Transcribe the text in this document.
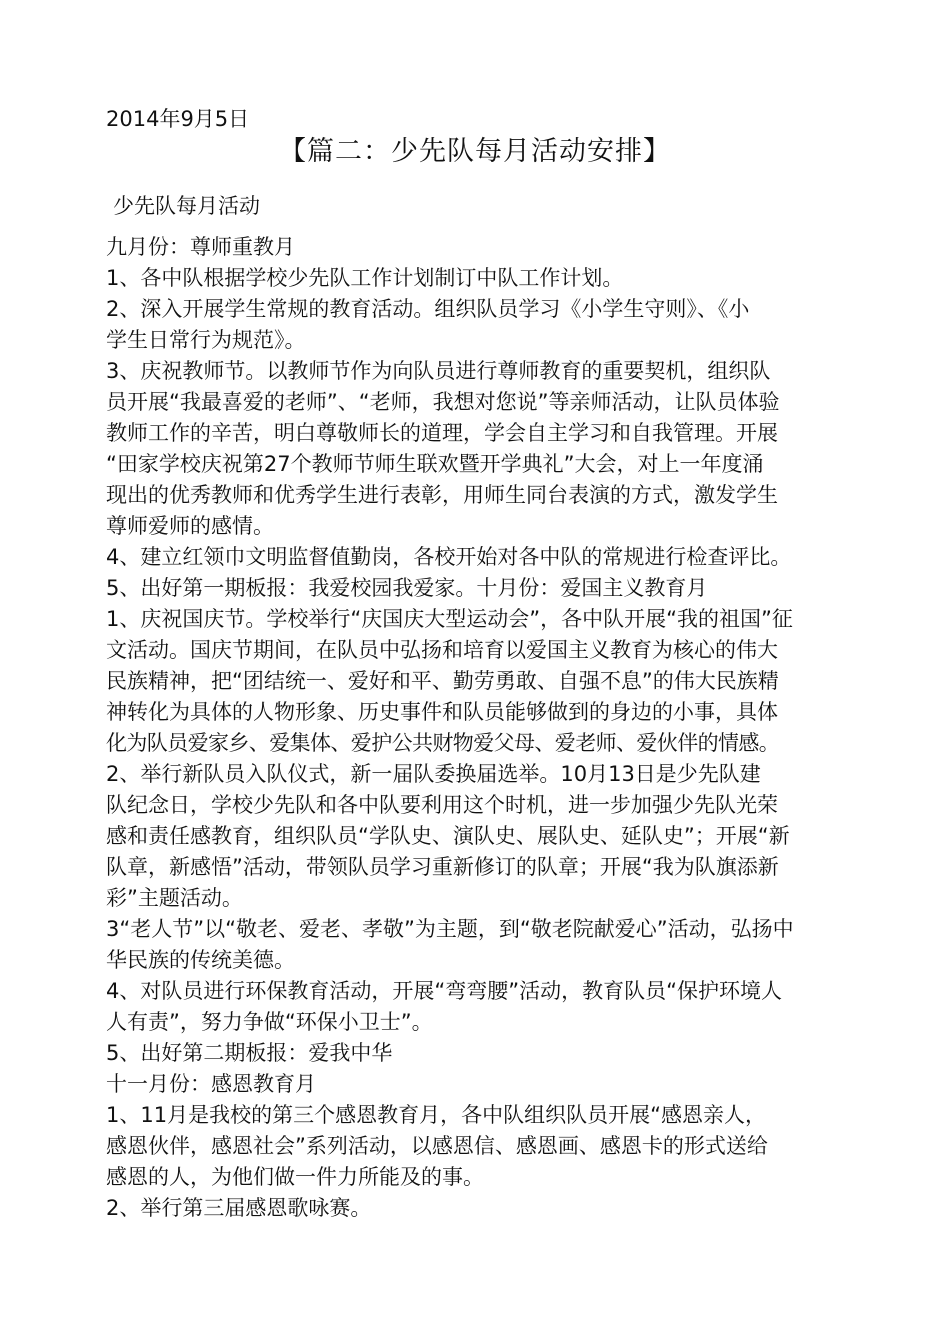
2014年9月5日
【篇二：少先队每月活动安排】
少先队每月活动
九月份：尊师重教月
1、各中队根据学校少先队工作计划制订中队工作计划。
2、深入开展学生常规的教育活动。组织队员学习《小学生守则》、《小
学生日常行为规范》。
3、庆祝教师节。以教师节作为向队员进行尊师教育的重要契机，组织队
员开展“我最喜爱的老师”、“老师，我想对您说”等亲师活动，让队员体验
教师工作的辛苦，明白尊敬师长的道理，学会自主学习和自我管理。开展
“田家学校庆祝第27个教师节师生联欢暨开学典礼”大会，对上一年度涌
现出的优秀教师和优秀学生进行表彰，用师生同台表演的方式，激发学生
尊师爱师的感情。
4、建立红领巾文明监督值勤岗，各校开始对各中队的常规进行检查评比。
5、出好第一期板报：我爱校园我爱家。十月份：爱国主义教育月
1、庆祝国庆节。学校举行“庆国庆大型运动会”，各中队开展“我的祖国”征
文活动。国庆节期间，在队员中弘扬和培育以爱国主义教育为核心的伟大
民族精神，把“团结统一、爱好和平、勤劳勇敢、自强不息”的伟大民族精
神转化为具体的人物形象、历史事件和队员能够做到的身边的小事，具体
化为队员爱家乡、爱集体、爱护公共财物爱父母、爱老师、爱伙伴的情感。
2、举行新队员入队仪式，新一届队委换届选举。10月13日是少先队建
队纪念日，学校少先队和各中队要利用这个时机，进一步加强少先队光荣
感和责任感教育，组织队员“学队史、演队史、展队史、延队史”；开展“新
队章，新感悟”活动，带领队员学习重新修订的队章；开展“我为队旗添新
彩”主题活动。
3“老人节”以“敬老、爱老、孝敬”为主题，到“敬老院献爱心”活动，弘扬中
华民族的传统美德。
4、对队员进行环保教育活动，开展“弯弯腰”活动，教育队员“保护环境人
人有责”，努力争做“环保小卫士”。
5、出好第二期板报：爱我中华
十一月份：感恩教育月
1、11月是我校的第三个感恩教育月，各中队组织队员开展“感恩亲人，
感恩伙伴，感恩社会”系列活动，以感恩信、感恩画、感恩卡的形式送给
感恩的人，为他们做一件力所能及的事。
2、举行第三届感恩歌咏赛。
